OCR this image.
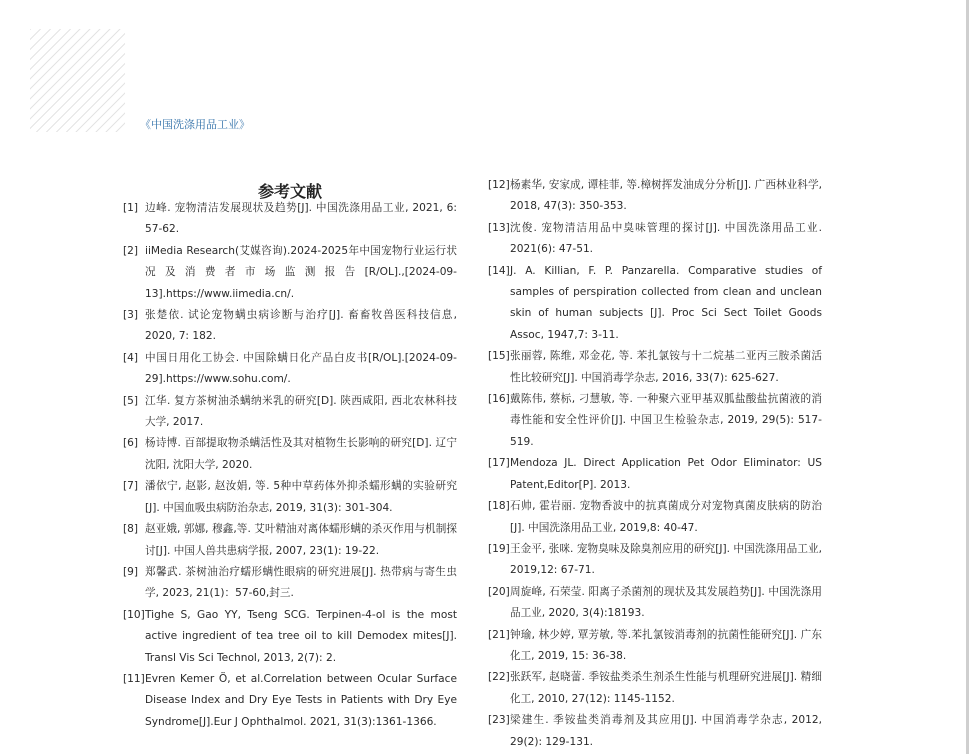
《中国洗涤用品工业》
参考文献
[1] 边峰. 宠物清洁发展现状及趋势[J]. 中国洗涤用品工业, 2021, 6: 57-62.
[2] iiMedia Research(艾媒咨询).2024-2025年中国宠物行业运行状况及消费者市场监测报告[R/OL].,[2024-09-13].https://www.iimedia.cn/.
[3] 张楚依. 试论宠物螨虫病诊断与治疗[J]. 畜畜牧兽医科技信息, 2020, 7: 182.
[4] 中国日用化工协会. 中国除螨日化产品白皮书[R/OL].[2024-09-29].https://www.sohu.com/.
[5] 江华. 复方茶树油杀螨纳米乳的研究[D]. 陕西咸阳, 西北农林科技大学, 2017.
[6] 杨诗博. 百部提取物杀螨活性及其对植物生长影响的研究[D]. 辽宁沈阳, 沈阳大学, 2020.
[7] 潘依宁, 赵影, 赵汝娟, 等. 5种中草药体外抑杀蠕形螨的实验研究[J]. 中国血吸虫病防治杂志, 2019, 31(3): 301-304.
[8] 赵亚娥, 郭娜, 穆鑫,等. 艾叶精油对离体蠕形螨的杀灭作用与机制探讨[J]. 中国人兽共患病学报, 2007, 23(1): 19-22.
[9] 郑馨武. 茶树油治疗蠕形螨性眼病的研究进展[J]. 热带病与寄生虫学, 2023, 21(1)：57-60,封三.
[10] Tighe S, Gao YY, Tseng SCG. Terpinen-4-ol is the most active ingredient of tea tree oil to kill Demodex mites[J]. Transl Vis Sci Technol, 2013, 2(7): 2.
[11] Evren Kemer Ö, et al.Correlation between Ocular Surface Disease Index and Dry Eye Tests in Patients with Dry Eye Syndrome[J].Eur J Ophthalmol. 2021, 31(3):1361-1366.
[12] 杨素华, 安家成, 谭桂菲, 等.樟树挥发油成分分析[J]. 广西林业科学, 2018, 47(3): 350-353.
[13] 沈俊. 宠物清洁用品中臭味管理的探讨[J]. 中国洗涤用品工业. 2021(6): 47-51.
[14] J. A. Killian, F. P. Panzarella. Comparative studies of samples of perspiration collected from clean and unclean skin of human subjects [J]. Proc Sci Sect Toilet Goods Assoc, 1947,7: 3-11.
[15] 张丽蓉, 陈维, 邓金花, 等. 苯扎氯铵与十二烷基二亚丙三胺杀菌活性比较研究[J]. 中国消毒学杂志, 2016, 33(7): 625-627.
[16] 戴陈伟, 蔡标, 刁慧敏, 等. 一种聚六亚甲基双胍盐酸盐抗菌液的消毒性能和安全性评价[J]. 中国卫生检验杂志, 2019, 29(5): 517-519.
[17] Mendoza JL. Direct Application Pet Odor Eliminator: US Patent,Editor[P]. 2013.
[18] 石帅, 霍岩丽. 宠物香波中的抗真菌成分对宠物真菌皮肤病的防治[J]. 中国洗涤用品工业, 2019,8: 40-47.
[19] 王金平, 张咪. 宠物臭味及除臭剂应用的研究[J]. 中国洗涤用品工业, 2019,12: 67-71.
[20] 周旋峰, 石荣莹. 阳离子杀菌剂的现状及其发展趋势[J]. 中国洗涤用品工业, 2020, 3(4):18193.
[21] 钟瑜, 林少婷, 覃芳敏, 等.苯扎氯铵消毒剂的抗菌性能研究[J]. 广东化工, 2019, 15: 36-38.
[22] 张跃军, 赵晓蕾. 季铵盐类杀生剂杀生性能与机理研究进展[J]. 精细化工, 2010, 27(12): 1145-1152.
[23] 梁建生. 季铵盐类消毒剂及其应用[J]. 中国消毒学杂志, 2012, 29(2): 129-131.
